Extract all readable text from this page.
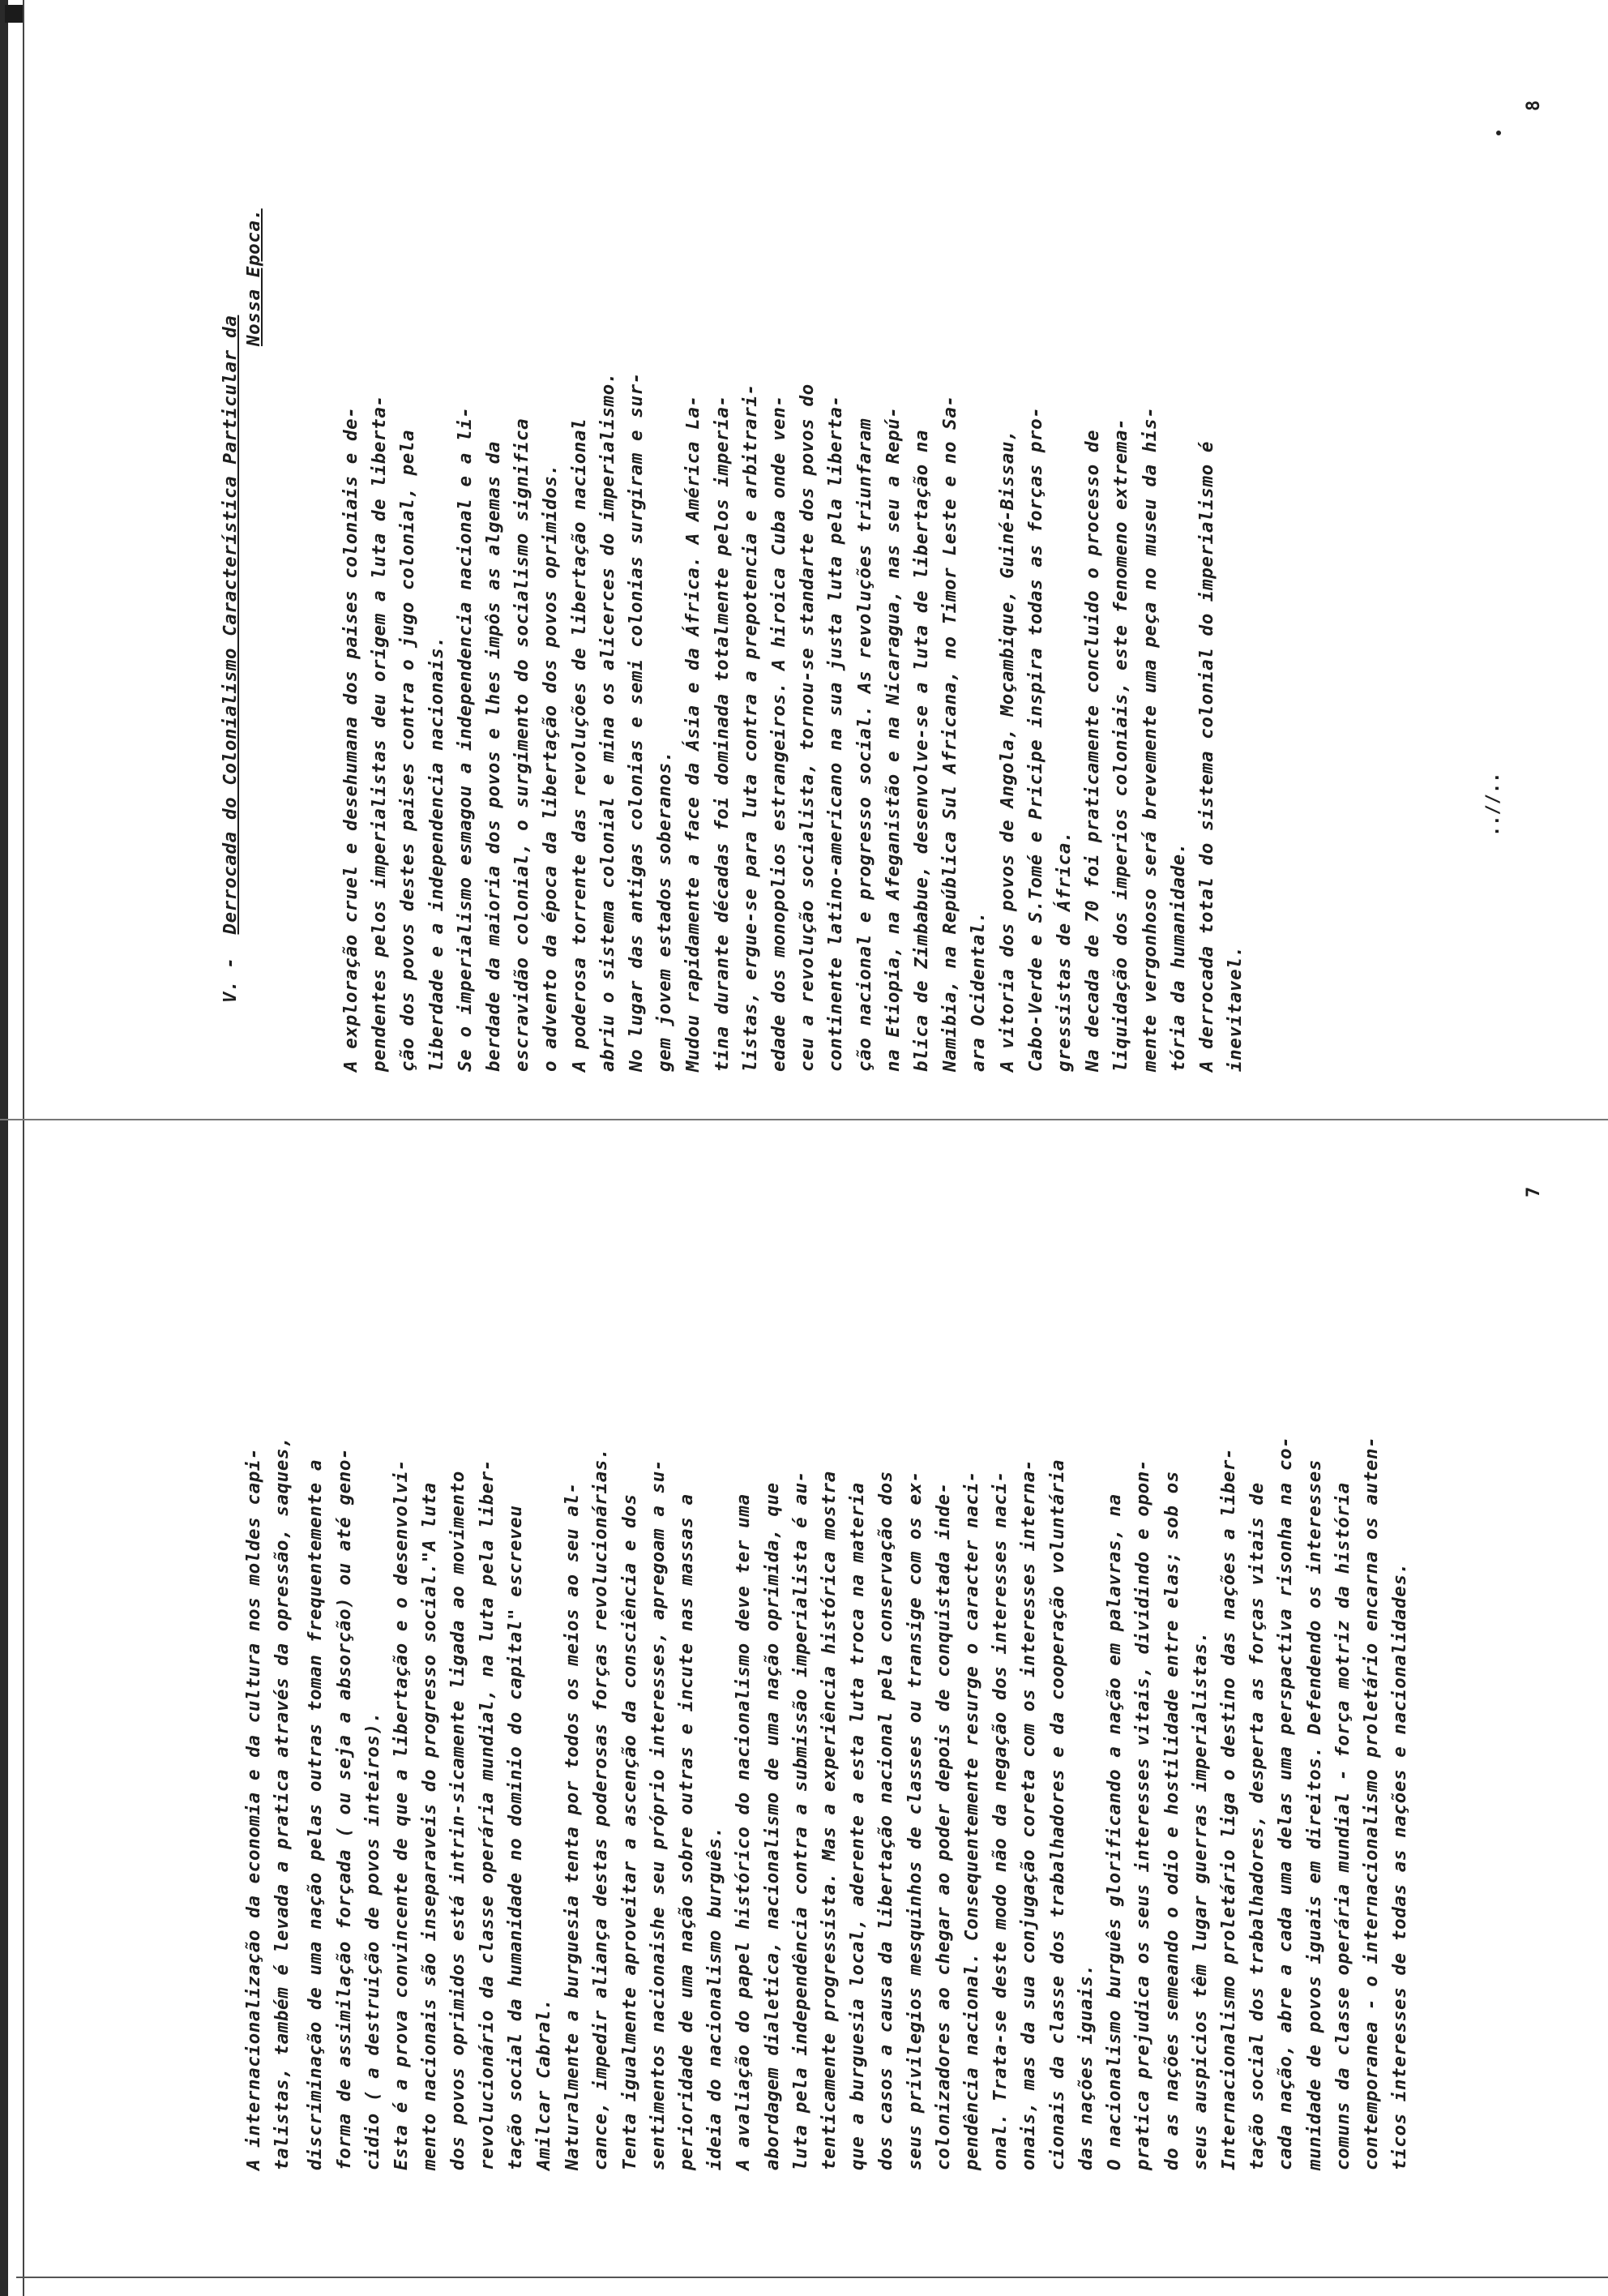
A internacionalização da economia e da cultura nos moldes capi- talistas, também é levada a pratica através da opressão, saques, discriminação de uma nação pelas outras toman frequentemente a forma de assimilação forçada ( ou seja a absorção) ou até geno- cidio ( a destruição de povos inteiros). Esta é a prova convincente de que a libertação e o desenvolvi- mento nacionais são inseparaveis do progresso social."A luta dos povos oprimidos está intrin-sicamente ligada ao movimento revolucionário da classe operária mundial, na luta pela liber- tação social da humanidade no dominio do capital" escreveu Amilcar Cabral. Naturalmente a burguesia tenta por todos os meios ao seu al- cance, impedir aliança destas poderosas forças revolucionárias. Tenta igualmente aproveitar a ascenção da consciência e dos sentimentos nacionaishe seu próprio interesses, apregoam a su- perioridade de uma nação sobre outras e incute nas massas a ideia do nacionalismo burguês. A avaliação do papel histórico do nacionalismo deve ter uma abordagem dialetica, nacionalismo de uma nação oprimida, que luta pela independência contra a submissão imperialista é au- tenticamente progressista. Mas a experiência histórica mostra que a burguesia local, aderente a esta luta troca na materia dos casos a causa da libertação nacional pela conservação dos seus privilegios mesquinhos de classes ou transige com os ex- colonizadores ao chegar ao poder depois de conquistada inde- pendência nacional. Consequentemente resurge o caracter naci- onal. Trata-se deste modo não da negação dos interesses naci- onais, mas da sua conjugação coreta com os interesses interna- cionais da classe dos trabalhadores e da cooperação voluntária das nações iguais. O nacionalismo burguês glorificando a nação em palavras, na pratica prejudica os seus interesses vitais, dividindo e opon- do as nações semeando o odio e hostilidade entre elas; sob os seus auspicios têm lugar guerras imperialistas. Internacionalismo proletário liga o destino das nações a liber- tação social dos trabalhadores, desperta as forças vitais de cada nação, abre a cada uma delas uma perspactiva risonha na co- munidade de povos iguais em direitos. Defendendo os interesses comuns da classe operária mundial - força motriz da história contemporanea - o internacionalismo proletário encarna os auten- ticos interesses de todas as nações e nacionalidades.

7

V. -Derrocada do Colonialismo Característica Particular da

Nossa Epoca.

A exploração cruel e desehumana dos paises coloniais e de- pendentes pelos imperialistas deu origem a luta de liberta- ção dos povos destes paises contra o jugo colonial, pela liberdade e a independencia nacionais. Se o imperialismo esmagou a independencia nacional e a li- berdade da maioria dos povos e lhes impôs as algemas da escravidão colonial, o surgimento do socialismo significa o advento da época da libertação dos povos oprimidos. A poderosa torrente das revoluções de libertação nacional abriu o sistema colonial e mina os alicerces do imperialismo. No lugar das antigas colonias e semi colonias surgiram e sur- gem jovem estados soberanos. Mudou rapidamente a face da Ásia e da África. A América La- tina durante décadas foi dominada totalmente pelos imperia- listas, ergue-se para luta contra a prepotencia e arbitrari- edade dos monopolios estrangeiros. A hiroica Cuba onde ven- ceu a revolução socialista, tornou-se standarte dos povos do continente latino-americano na sua justa luta pela liberta- ção nacional e progresso social. As revoluções triunfaram na Etiopia, na Afeganistão e na Nicaragua, nas seu a Repú- blica de Zimbabue, desenvolve-se a luta de libertação na Namibia, na República Sul Africana, no Timor Leste e no Sa- ara Ocidental. A vitoria dos povos de Angola, Moçambique, Guiné-Bissau, Cabo-Verde e S.Tomé e Pricipe inspira todas as forças pro- gressistas de África. Na decada de 70 foi praticamente concluido o processo de liquidação dos imperios coloniais, este fenomeno extrema- mente vergonhoso será brevemente uma peça no museu da his- tória da humanidade. A derrocada total do sistema colonial do imperialismo é inevitavel.

8
..//..
